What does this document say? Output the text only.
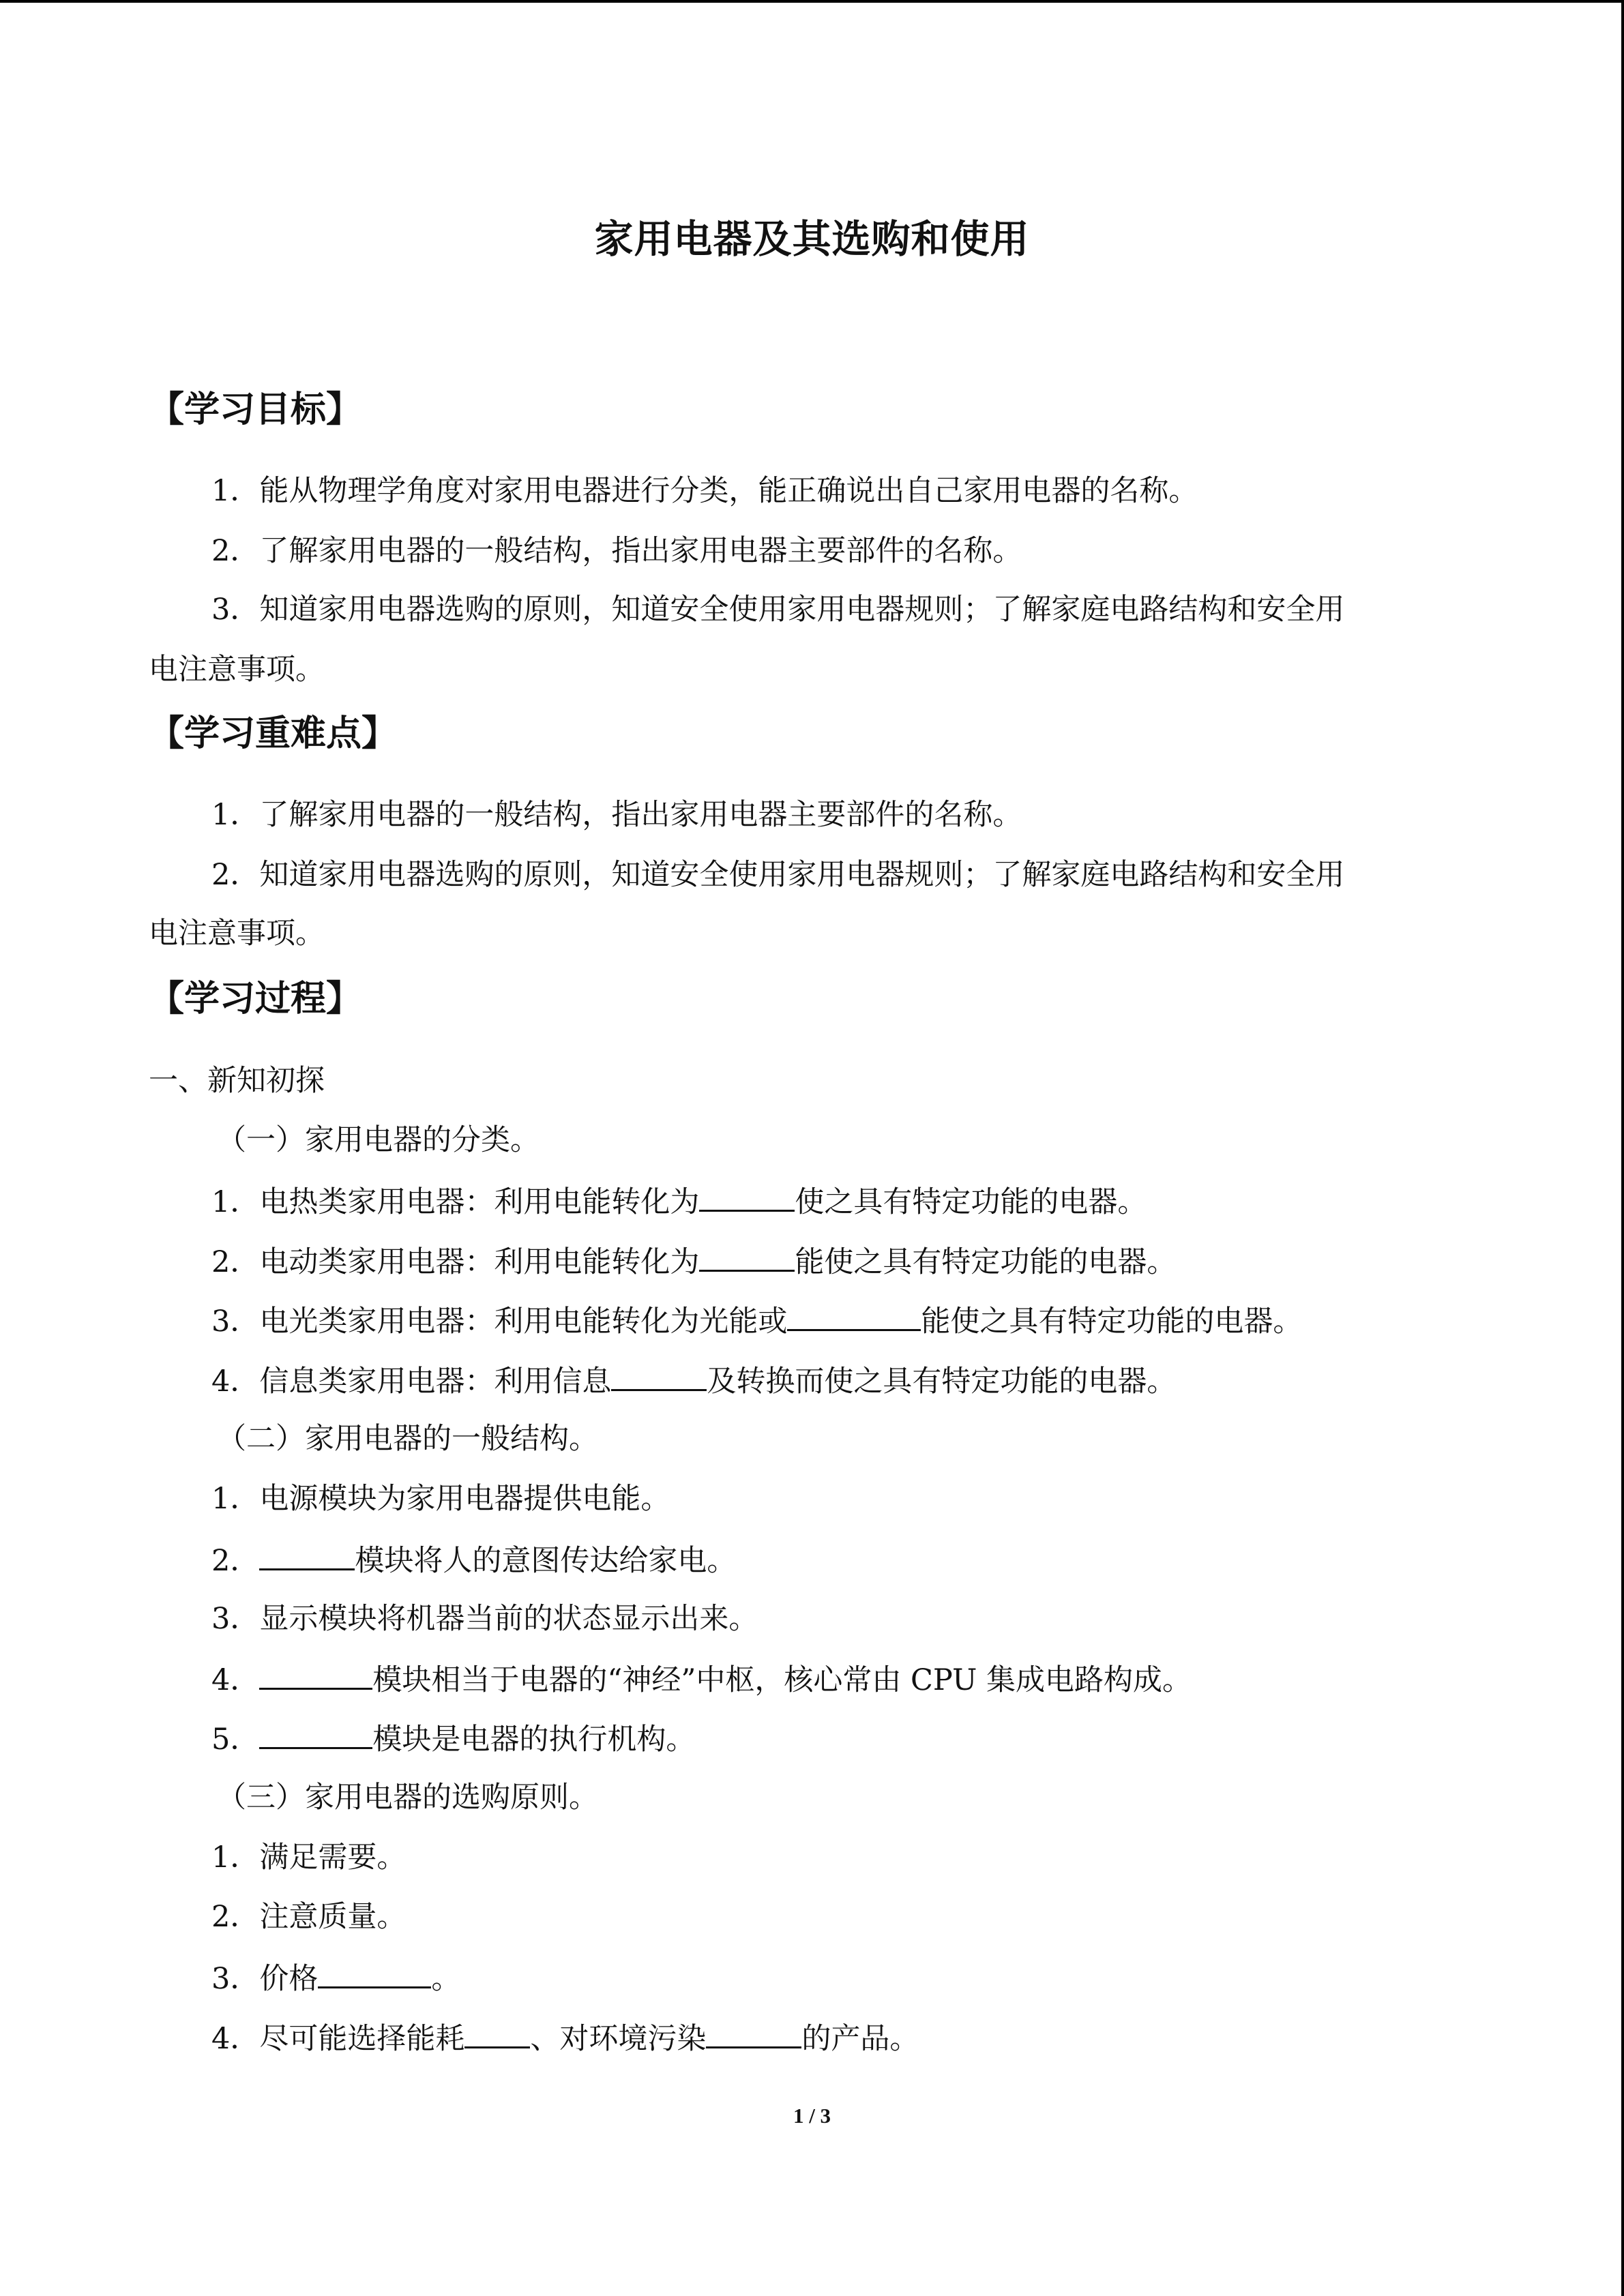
家用电器及其选购和使用
【学习目标】
1．能从物理学角度对家用电器进行分类，能正确说出自己家用电器的名称。
2．了解家用电器的一般结构，指出家用电器主要部件的名称。
3．知道家用电器选购的原则，知道安全使用家用电器规则；了解家庭电路结构和安全用
电注意事项。
【学习重难点】
1．了解家用电器的一般结构，指出家用电器主要部件的名称。
2．知道家用电器选购的原则，知道安全使用家用电器规则；了解家庭电路结构和安全用
电注意事项。
【学习过程】
一、新知初探
（一）家用电器的分类。
1．电热类家用电器：利用电能转化为	使之具有特定功能的电器。
2．电动类家用电器：利用电能转化为	能使之具有特定功能的电器。
3．电光类家用电器：利用电能转化为光能或	能使之具有特定功能的电器。
4．信息类家用电器：利用信息	及转换而使之具有特定功能的电器。
（二）家用电器的一般结构。
1．电源模块为家用电器提供电能。
2．	模块将人的意图传达给家电。
3．显示模块将机器当前的状态显示出来。
4．	模块相当于电器的“神经”中枢，核心常由 CPU 集成电路构成。
5．	模块是电器的执行机构。
（三）家用电器的选购原则。
1．满足需要。
2．注意质量。
3．价格	。
4．尽可能选择能耗 、对环境污染	的产品。
1 / 3
